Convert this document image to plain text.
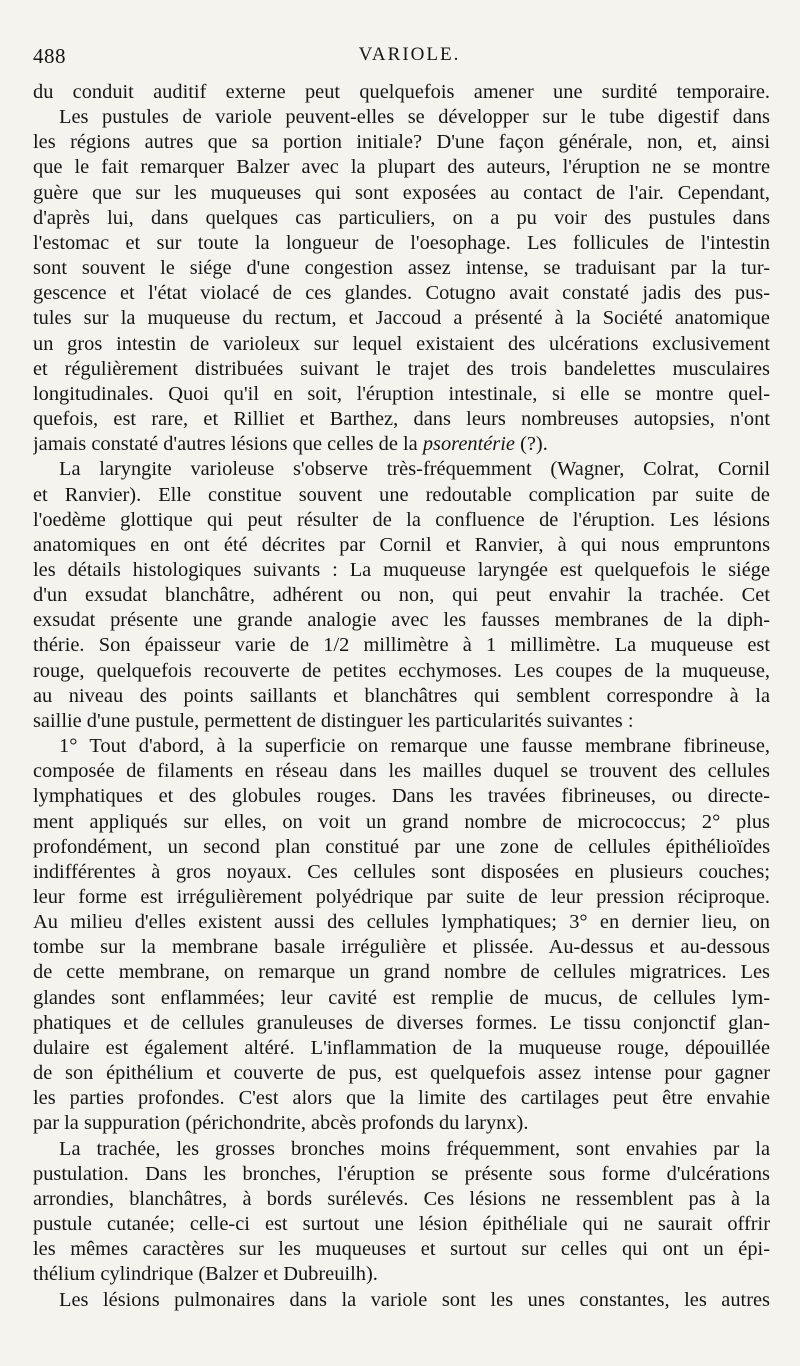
488	VARIOLE.
du conduit auditif externe peut quelquefois amener une surdité temporaire.
Les pustules de variole peuvent-elles se développer sur le tube digestif dans
les régions autres que sa portion initiale? D'une façon générale, non, et, ainsi
que le fait remarquer Balzer avec la plupart des auteurs, l'éruption ne se montre
guère que sur les muqueuses qui sont exposées au contact de l'air. Cependant,
d'après lui, dans quelques cas particuliers, on a pu voir des pustules dans
l'estomac et sur toute la longueur de l'oesophage. Les follicules de l'intestin
sont souvent le siége d'une congestion assez intense, se traduisant par la tur-
gescence et l'état violacé de ces glandes. Cotugno avait constaté jadis des pus-
tules sur la muqueuse du rectum, et Jaccoud a présenté à la Société anatomique
un gros intestin de varioleux sur lequel existaient des ulcérations exclusivement
et régulièrement distribuées suivant le trajet des trois bandelettes musculaires
longitudinales. Quoi qu'il en soit, l'éruption intestinale, si elle se montre quel-
quefois, est rare, et Rilliet et Barthez, dans leurs nombreuses autopsies, n'ont
jamais constaté d'autres lésions que celles de la psorentérie (?).
La laryngite varioleuse s'observe très-fréquemment (Wagner, Colrat, Cornil
et Ranvier). Elle constitue souvent une redoutable complication par suite de
l'oedème glottique qui peut résulter de la confluence de l'éruption. Les lésions
anatomiques en ont été décrites par Cornil et Ranvier, à qui nous empruntons
les détails histologiques suivants : La muqueuse laryngée est quelquefois le siége
d'un exsudat blanchâtre, adhérent ou non, qui peut envahir la trachée. Cet
exsudat présente une grande analogie avec les fausses membranes de la diph-
thérie. Son épaisseur varie de 1/2 millimètre à 1 millimètre. La muqueuse est
rouge, quelquefois recouverte de petites ecchymoses. Les coupes de la muqueuse,
au niveau des points saillants et blanchâtres qui semblent correspondre à la
saillie d'une pustule, permettent de distinguer les particularités suivantes :
1° Tout d'abord, à la superficie on remarque une fausse membrane fibrineuse,
composée de filaments en réseau dans les mailles duquel se trouvent des cellules
lymphatiques et des globules rouges. Dans les travées fibrineuses, ou directe-
ment appliqués sur elles, on voit un grand nombre de micrococcus; 2° plus
profondément, un second plan constitué par une zone de cellules épithélioïdes
indifférentes à gros noyaux. Ces cellules sont disposées en plusieurs couches;
leur forme est irrégulièrement polyédrique par suite de leur pression réciproque.
Au milieu d'elles existent aussi des cellules lymphatiques; 3° en dernier lieu, on
tombe sur la membrane basale irrégulière et plissée. Au-dessus et au-dessous
de cette membrane, on remarque un grand nombre de cellules migratrices. Les
glandes sont enflammées; leur cavité est remplie de mucus, de cellules lym-
phatiques et de cellules granuleuses de diverses formes. Le tissu conjonctif glan-
dulaire est également altéré. L'inflammation de la muqueuse rouge, dépouillée
de son épithélium et couverte de pus, est quelquefois assez intense pour gagner
les parties profondes. C'est alors que la limite des cartilages peut être envahie
par la suppuration (périchondrite, abcès profonds du larynx).
La trachée, les grosses bronches moins fréquemment, sont envahies par la
pustulation. Dans les bronches, l'éruption se présente sous forme d'ulcérations
arrondies, blanchâtres, à bords surélevés. Ces lésions ne ressemblent pas à la
pustule cutanée; celle-ci est surtout une lésion épithéliale qui ne saurait offrir
les mêmes caractères sur les muqueuses et surtout sur celles qui ont un épi-
thélium cylindrique (Balzer et Dubreuilh).
Les lésions pulmonaires dans la variole sont les unes constantes, les autres
